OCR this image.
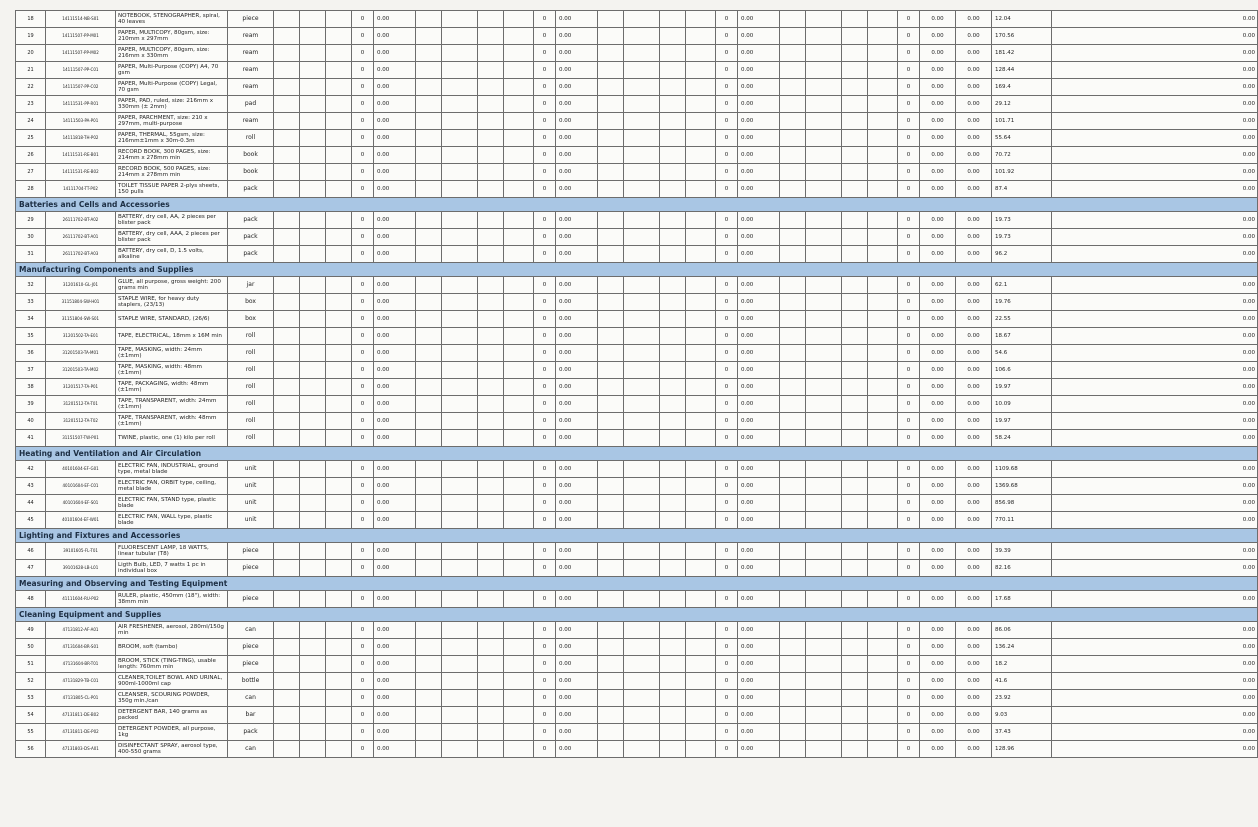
18	14111514-NB-S01	NOTEBOOK, STENOGRAPHER, spiral, 40 leaves	piece				0	0.00					0	0.00					0	0.00					0	0.00	0.00	12.04	0.00
19	14111507-PP-M01	PAPER, MULTICOPY, 80gsm, size: 210mm x 297mm	ream				0	0.00					0	0.00					0	0.00					0	0.00	0.00	170.56	0.00
20	14111507-PP-M02	PAPER, MULTICOPY, 80gsm, size: 216mm x 330mm	ream				0	0.00					0	0.00					0	0.00					0	0.00	0.00	181.42	0.00
21	14111507-PP-C01	PAPER, Multi-Purpose (COPY) A4, 70 gsm	ream				0	0.00					0	0.00					0	0.00					0	0.00	0.00	128.44	0.00
22	14111507-PP-C02	PAPER, Multi-Purpose (COPY) Legal, 70 gsm	ream				0	0.00					0	0.00					0	0.00					0	0.00	0.00	169.4	0.00
23	14111531-PP-R01	PAPER, PAD, ruled, size: 216mm x 330mm (± 2mm)	pad				0	0.00					0	0.00					0	0.00					0	0.00	0.00	29.12	0.00
24	14111503-PA-P01	PAPER, PARCHMENT, size: 210 x 297mm, multi-purpose	ream				0	0.00					0	0.00					0	0.00					0	0.00	0.00	101.71	0.00
25	14111818-TH-P02	PAPER, THERMAL, 55gsm, size: 216mm±1mm x 30m-0.3m	roll				0	0.00					0	0.00					0	0.00					0	0.00	0.00	55.64	0.00
26	14111531-RE-B01	RECORD BOOK, 300 PAGES, size: 214mm x 278mm min	book				0	0.00					0	0.00					0	0.00					0	0.00	0.00	70.72	0.00
27	14111531-RE-B02	RECORD BOOK, 500 PAGES, size: 214mm x 278mm min	book				0	0.00					0	0.00					0	0.00					0	0.00	0.00	101.92	0.00
28	14111704-TT-P02	TOILET TISSUE PAPER 2-plys sheets, 150 pulls	pack				0	0.00					0	0.00					0	0.00					0	0.00	0.00	87.4	0.00
Batteries and Cells and Accessories																													
29	26111702-BT-A02	BATTERY, dry cell, AA, 2 pieces per blister pack	pack				0	0.00					0	0.00					0	0.00					0	0.00	0.00	19.73	0.00
30	26111702-BT-A01	BATTERY, dry cell, AAA, 2 pieces per blister pack	pack				0	0.00					0	0.00					0	0.00					0	0.00	0.00	19.73	0.00
31	26111702-BT-A03	BATTERY, dry cell, D, 1.5 volts, alkaline	pack				0	0.00					0	0.00					0	0.00					0	0.00	0.00	96.2	0.00
Manufacturing Components and Supplies																													
32	31201610-GL-J01	GLUE, all purpose, gross weight: 200 grams min	jar				0	0.00					0	0.00					0	0.00					0	0.00	0.00	62.1	0.00
33	31151804-SW-H01	STAPLE WIRE, for heavy duty staplers, (23/13)	box				0	0.00					0	0.00					0	0.00					0	0.00	0.00	19.76	0.00
34	31151804-SW-S01	STAPLE WIRE, STANDARD, (26/6)	box				0	0.00					0	0.00					0	0.00					0	0.00	0.00	22.55	0.00
35	31201502-TA-E01	TAPE, ELECTRICAL, 18mm x 16M min	roll				0	0.00					0	0.00					0	0.00					0	0.00	0.00	18.67	0.00
36	31201503-TA-M01	TAPE, MASKING, width: 24mm (±1mm)	roll				0	0.00					0	0.00					0	0.00					0	0.00	0.00	54.6	0.00
37	31201503-TA-M02	TAPE, MASKING, width: 48mm (±1mm)	roll				0	0.00					0	0.00					0	0.00					0	0.00	0.00	106.6	0.00
38	31201517-TA-P01	TAPE, PACKAGING, width: 48mm (±1mm)	roll				0	0.00					0	0.00					0	0.00					0	0.00	0.00	19.97	0.00
39	31201512-TA-T01	TAPE, TRANSPARENT, width: 24mm (±1mm)	roll				0	0.00					0	0.00					0	0.00					0	0.00	0.00	10.09	0.00
40	31201512-TA-T02	TAPE, TRANSPARENT, width: 48mm (±1mm)	roll				0	0.00					0	0.00					0	0.00					0	0.00	0.00	19.97	0.00
41	31151507-TW-P01	TWINE, plastic, one (1) kilo per roll	roll				0	0.00					0	0.00					0	0.00					0	0.00	0.00	58.24	0.00
Heating and Ventilation and Air Circulation																													
42	40101604-EF-G01	ELECTRIC FAN, INDUSTRIAL, ground type, metal blade	unit				0	0.00					0	0.00					0	0.00					0	0.00	0.00	1109.68	0.00
43	40101604-EF-C01	ELECTRIC FAN, ORBIT type, ceiling, metal blade	unit				0	0.00					0	0.00					0	0.00					0	0.00	0.00	1369.68	0.00
44	40101604-EF-S01	ELECTRIC FAN, STAND type, plastic blade	unit				0	0.00					0	0.00					0	0.00					0	0.00	0.00	856.98	0.00
45	40101604-EF-W01	ELECTRIC FAN, WALL type, plastic blade	unit				0	0.00					0	0.00					0	0.00					0	0.00	0.00	770.11	0.00
Lighting and Fixtures and Accessories																													
46	39101605-FL-T01	FLUORESCENT LAMP, 18 WATTS, linear tubular (T8)	piece				0	0.00					0	0.00					0	0.00					0	0.00	0.00	39.39	0.00
47	39101628-LB-L01	Ligth Bulb, LED, 7 watts 1 pc in individual box	piece				0	0.00					0	0.00					0	0.00					0	0.00	0.00	82.16	0.00
Measuring and Observing and Testing Equipment																													
48	41111604-RU-P02	RULER, plastic, 450mm (18"), width: 38mm min	piece				0	0.00					0	0.00					0	0.00					0	0.00	0.00	17.68	0.00
Cleaning Equipment and Supplies																													
49	47131812-AF-A01	AIR FRESHENER, aerosol, 280ml/150g min	can				0	0.00					0	0.00					0	0.00					0	0.00	0.00	86.06	0.00
50	47131604-BR-S01	BROOM, soft (tambo)	piece				0	0.00					0	0.00					0	0.00					0	0.00	0.00	136.24	0.00
51	47131604-BR-T01	BROOM, STICK (TING-TING), usable length: 760mm min	piece				0	0.00					0	0.00					0	0.00					0	0.00	0.00	18.2	0.00
52	47131829-TB-C01	CLEANER,TOILET BOWL AND URINAL, 900ml-1000ml cap	bottle				0	0.00					0	0.00					0	0.00					0	0.00	0.00	41.6	0.00
53	47131805-CL-P01	CLEANSER, SCOURING POWDER, 350g min./can	can				0	0.00					0	0.00					0	0.00					0	0.00	0.00	23.92	0.00
54	47131811-DE-B02	DETERGENT BAR, 140 grams as packed	bar				0	0.00					0	0.00					0	0.00					0	0.00	0.00	9.03	0.00
55	47131811-DE-P02	DETERGENT POWDER, all purpose, 1kg	pack				0	0.00					0	0.00					0	0.00					0	0.00	0.00	37.43	0.00
56	47131803-DS-A01	DISINFECTANT SPRAY, aerosol type, 400-550 grams	can				0	0.00					0	0.00					0	0.00					0	0.00	0.00	128.96	0.00
